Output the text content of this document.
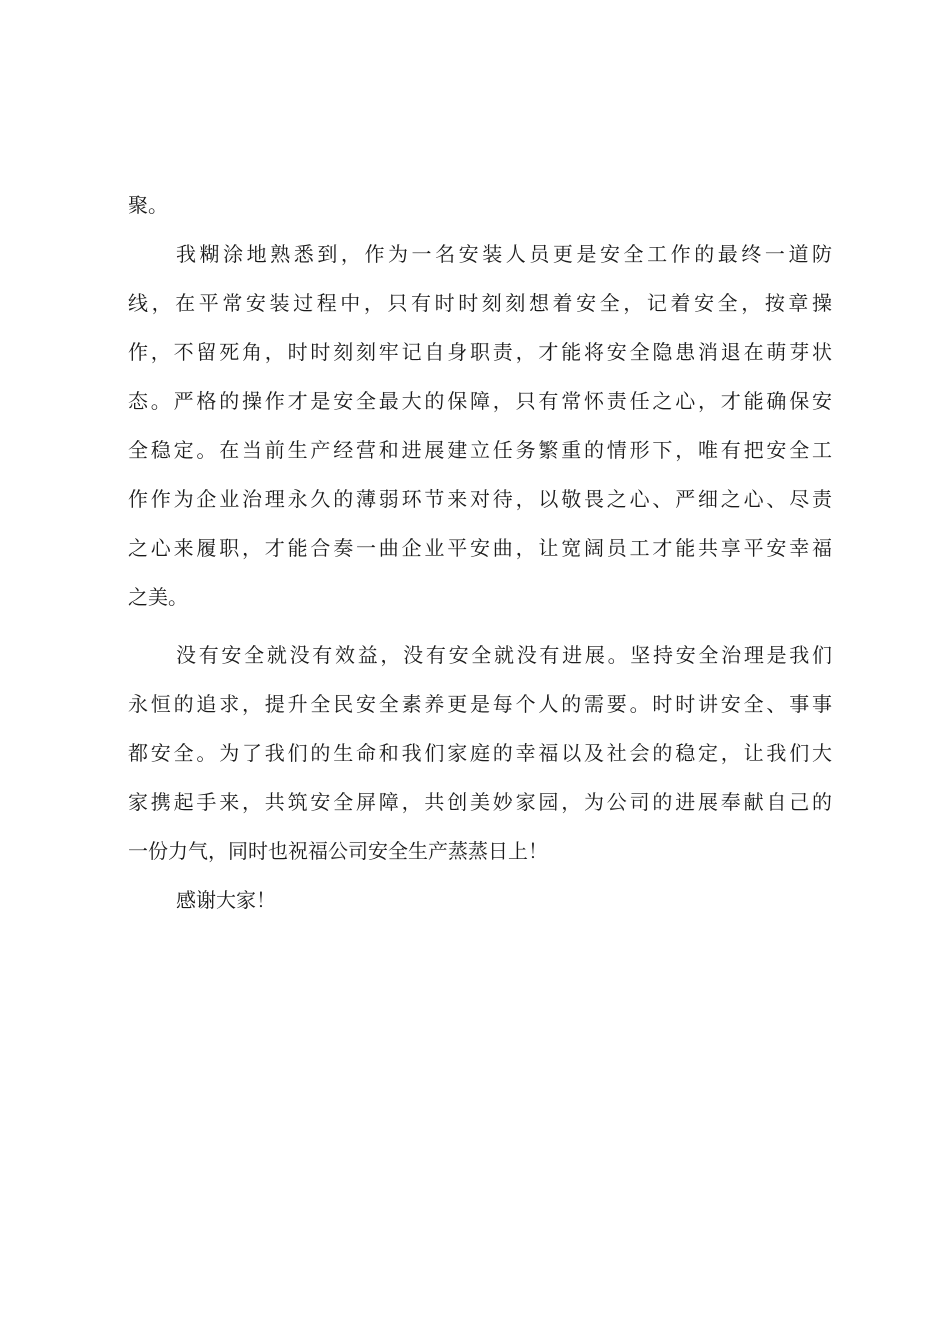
聚。
我糊涂地熟悉到，作为一名安装人员更是安全工作的最终一道防
线，在平常安装过程中，只有时时刻刻想着安全，记着安全，按章操
作，不留死角，时时刻刻牢记自身职责，才能将安全隐患消退在萌芽状
态。严格的操作才是安全最大的保障，只有常怀责任之心，才能确保安
全稳定。在当前生产经营和进展建立任务繁重的情形下，唯有把安全工
作作为企业治理永久的薄弱环节来对待，以敬畏之心、严细之心、尽责
之心来履职，才能合奏一曲企业平安曲，让宽阔员工才能共享平安幸福
之美。
没有安全就没有效益，没有安全就没有进展。坚持安全治理是我们
永恒的追求，提升全民安全素养更是每个人的需要。时时讲安全、事事
都安全。为了我们的生命和我们家庭的幸福以及社会的稳定，让我们大
家携起手来，共筑安全屏障，共创美妙家园，为公司的进展奉献自己的
一份力气，同时也祝福公司安全生产蒸蒸日上！
感谢大家！
